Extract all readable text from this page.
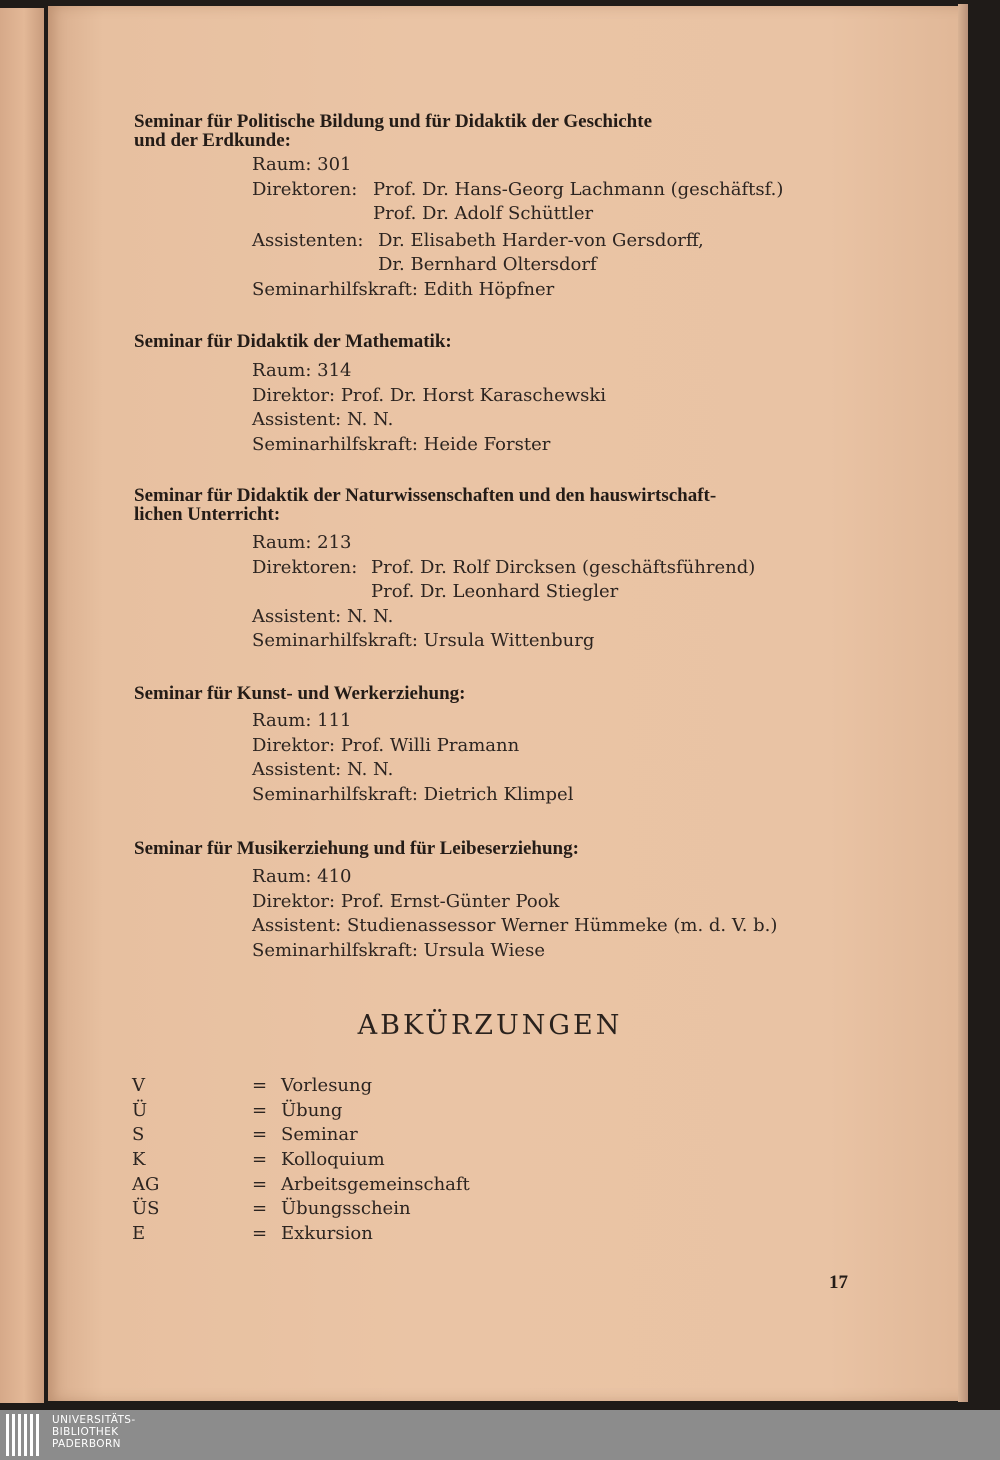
Seminar für Politische Bildung und für Didaktik der Geschichte
und der Erdkunde:

Raum: 301

Direktoren: Prof. Dr. Hans-Georg Lachmann (geschäftsf.)

Prof. Dr. Adolf Schüttler

Assistenten: Dr. Elisabeth Harder-von Gersdorff,

Dr. Bernhard Oltersdorf

Seminarhilfskraft: Edith Höpfner

Seminar für Didaktik der Mathematik:

Raum: 314

Direktor: Prof. Dr. Horst Karaschewski

Assistent: N. N.

Seminarhilfskraft: Heide Forster

Seminar für Didaktik der Naturwissenschaften und den hauswirtschaft-
lichen Unterricht:

Raum: 213

Direktoren: Prof. Dr. Rolf Dircksen (geschäftsführend)

Prof. Dr. Leonhard Stiegler

Assistent: N. N.

Seminarhilfskraft: Ursula Wittenburg

Seminar für Kunst- und Werkerziehung:

Raum: 111

Direktor: Prof. Willi Pramann

Assistent: N. N.

Seminarhilfskraft: Dietrich Klimpel

Seminar für Musikerziehung und für Leibeserziehung:

Raum: 410

Direktor: Prof. Ernst-Günter Pook

Assistent: Studienassessor Werner Hümmeke (m. d. V. b.)

Seminarhilfskraft: Ursula Wiese

ABKÜRZUNGEN
V	= Vorlesung
Ü	= Übung
S	= Seminar
K	= Kolloquium
AG	= Arbeitsgemeinschaft
ÜS	= Übungsschein
E	= Exkursion
17
UNIVERSITÄTS-
BIBLIOTHEK
PADERBORN
